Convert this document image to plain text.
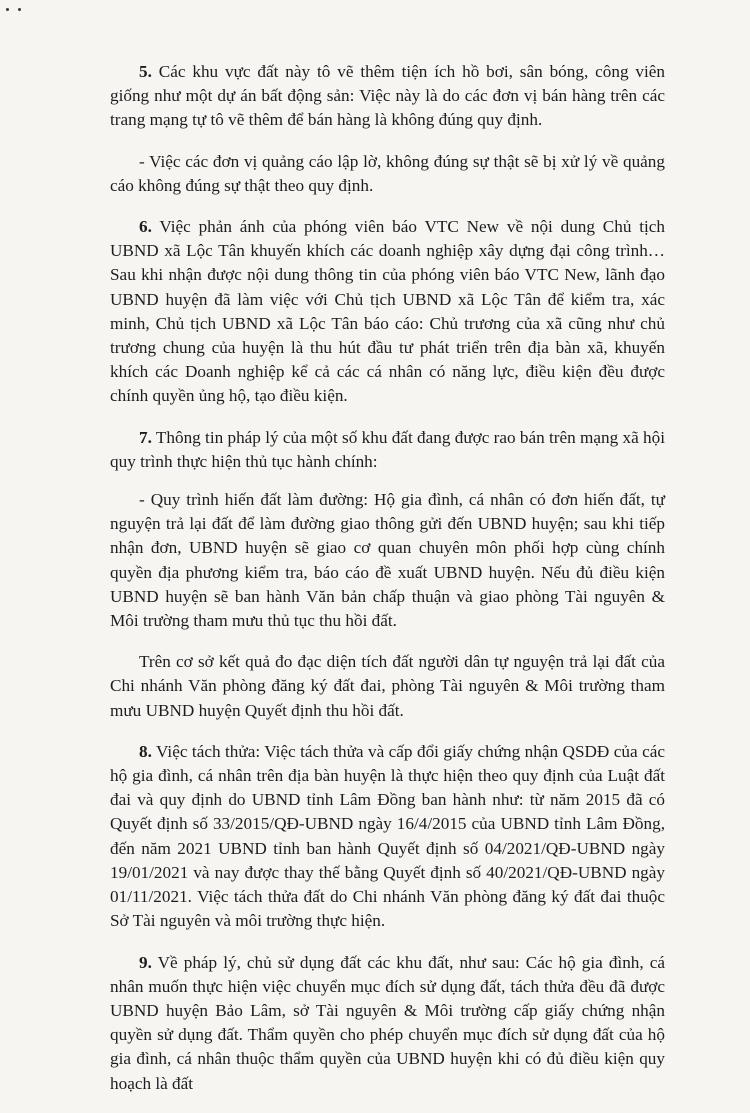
5. Các khu vực đất này tô vẽ thêm tiện ích hồ bơi, sân bóng, công viên giống như một dự án bất động sản: Việc này là do các đơn vị bán hàng trên các trang mạng tự tô vẽ thêm để bán hàng là không đúng quy định.

- Việc các đơn vị quảng cáo lập lờ, không đúng sự thật sẽ bị xử lý về quảng cáo không đúng sự thật theo quy định.

6. Việc phản ánh của phóng viên báo VTC New về nội dung Chủ tịch UBND xã Lộc Tân khuyến khích các doanh nghiệp xây dựng đại công trình…Sau khi nhận được nội dung thông tin của phóng viên báo VTC New, lãnh đạo UBND huyện đã làm việc với Chủ tịch UBND xã Lộc Tân để kiểm tra, xác minh, Chủ tịch UBND xã Lộc Tân báo cáo: Chủ trương của xã cũng như chủ trương chung của huyện là thu hút đầu tư phát triển trên địa bàn xã, khuyến khích các Doanh nghiệp kể cả các cá nhân có năng lực, điều kiện đều được chính quyền ủng hộ, tạo điều kiện.

7. Thông tin pháp lý của một số khu đất đang được rao bán trên mạng xã hội quy trình thực hiện thủ tục hành chính:

- Quy trình hiến đất làm đường: Hộ gia đình, cá nhân có đơn hiến đất, tự nguyện trả lại đất để làm đường giao thông gửi đến UBND huyện; sau khi tiếp nhận đơn, UBND huyện sẽ giao cơ quan chuyên môn phối hợp cùng chính quyền địa phương kiểm tra, báo cáo đề xuất UBND huyện. Nếu đủ điều kiện UBND huyện sẽ ban hành Văn bản chấp thuận và giao phòng Tài nguyên & Môi trường tham mưu thủ tục thu hồi đất.

Trên cơ sở kết quả đo đạc diện tích đất người dân tự nguyện trả lại đất của Chi nhánh Văn phòng đăng ký đất đai, phòng Tài nguyên & Môi trường tham mưu UBND huyện Quyết định thu hồi đất.

8. Việc tách thửa: Việc tách thửa và cấp đổi giấy chứng nhận QSDĐ của các hộ gia đình, cá nhân trên địa bàn huyện là thực hiện theo quy định của Luật đất đai và quy định do UBND tỉnh Lâm Đồng ban hành như: từ năm 2015 đã có Quyết định số 33/2015/QĐ-UBND ngày 16/4/2015 của UBND tỉnh Lâm Đồng, đến năm 2021 UBND tỉnh ban hành Quyết định số 04/2021/QĐ-UBND ngày 19/01/2021 và nay được thay thế bằng Quyết định số 40/2021/QĐ-UBND ngày 01/11/2021. Việc tách thửa đất do Chi nhánh Văn phòng đăng ký đất đai thuộc Sở Tài nguyên và môi trường thực hiện.

9. Về pháp lý, chủ sử dụng đất các khu đất, như sau: Các hộ gia đình, cá nhân muốn thực hiện việc chuyển mục đích sử dụng đất, tách thửa đều đã được UBND huyện Bảo Lâm, sở Tài nguyên & Môi trường cấp giấy chứng nhận quyền sử dụng đất. Thẩm quyền cho phép chuyển mục đích sử dụng đất của hộ gia đình, cá nhân thuộc thẩm quyền của UBND huyện khi có đủ điều kiện quy hoạch là đất
